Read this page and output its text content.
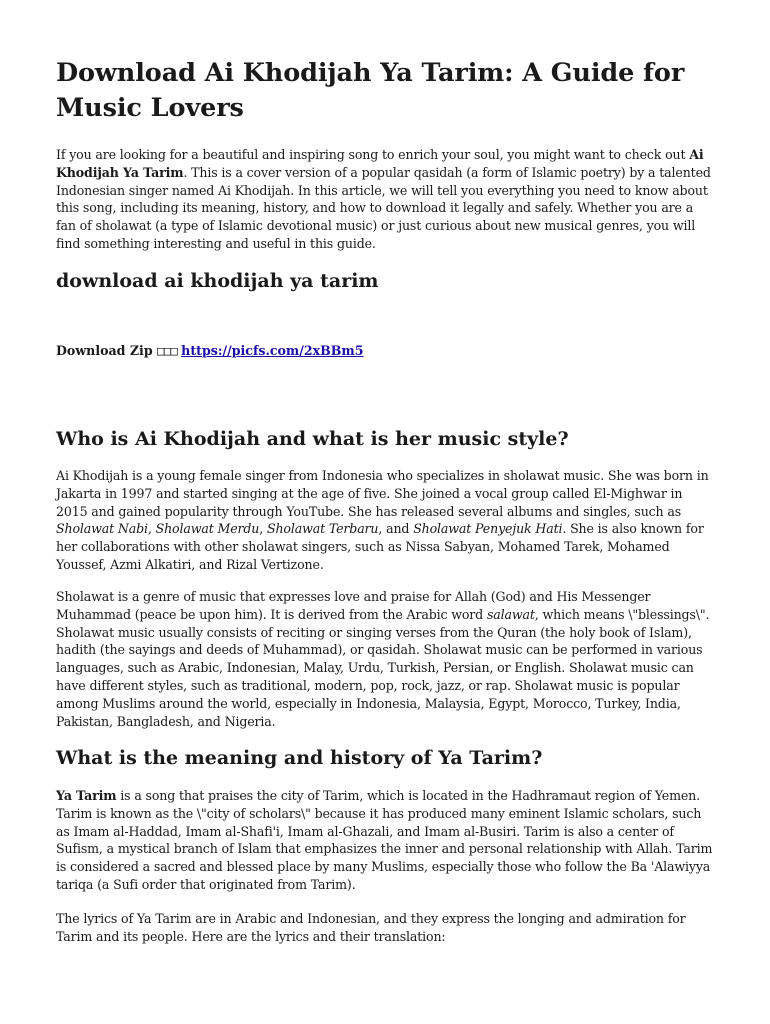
Download Ai Khodijah Ya Tarim: A Guide for Music Lovers

If you are looking for a beautiful and inspiring song to enrich your soul, you might want to check out Ai Khodijah Ya Tarim. This is a cover version of a popular qasidah (a form of Islamic poetry) by a talented Indonesian singer named Ai Khodijah. In this article, we will tell you everything you need to know about this song, including its meaning, history, and how to download it legally and safely. Whether you are a fan of sholawat (a type of Islamic devotional music) or just curious about new musical genres, you will find something interesting and useful in this guide.

download ai khodijah ya tarim
Download Zip □□□ https://picfs.com/2xBBm5
Who is Ai Khodijah and what is her music style?

Ai Khodijah is a young female singer from Indonesia who specializes in sholawat music. She was born in Jakarta in 1997 and started singing at the age of five. She joined a vocal group called El-Mighwar in 2015 and gained popularity through YouTube. She has released several albums and singles, such as Sholawat Nabi, Sholawat Merdu, Sholawat Terbaru, and Sholawat Penyejuk Hati. She is also known for her collaborations with other sholawat singers, such as Nissa Sabyan, Mohamed Tarek, Mohamed Youssef, Azmi Alkatiri, and Rizal Vertizone.

Sholawat is a genre of music that expresses love and praise for Allah (God) and His Messenger Muhammad (peace be upon him). It is derived from the Arabic word salawat, which means \"blessings\". Sholawat music usually consists of reciting or singing verses from the Quran (the holy book of Islam), hadith (the sayings and deeds of Muhammad), or qasidah. Sholawat music can be performed in various languages, such as Arabic, Indonesian, Malay, Urdu, Turkish, Persian, or English. Sholawat music can have different styles, such as traditional, modern, pop, rock, jazz, or rap. Sholawat music is popular among Muslims around the world, especially in Indonesia, Malaysia, Egypt, Morocco, Turkey, India, Pakistan, Bangladesh, and Nigeria.

What is the meaning and history of Ya Tarim?

Ya Tarim is a song that praises the city of Tarim, which is located in the Hadhramaut region of Yemen. Tarim is known as the \"city of scholars\" because it has produced many eminent Islamic scholars, such as Imam al-Haddad, Imam al-Shafi'i, Imam al-Ghazali, and Imam al-Busiri. Tarim is also a center of Sufism, a mystical branch of Islam that emphasizes the inner and personal relationship with Allah. Tarim is considered a sacred and blessed place by many Muslims, especially those who follow the Ba 'Alawiyya tariqa (a Sufi order that originated from Tarim).

The lyrics of Ya Tarim are in Arabic and Indonesian, and they express the longing and admiration for Tarim and its people. Here are the lyrics and their translation:
